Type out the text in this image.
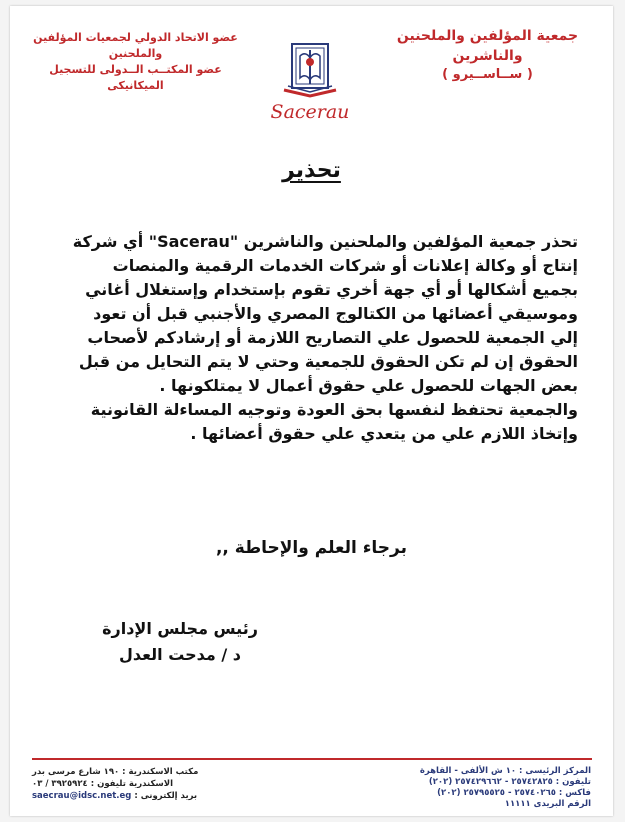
جمعية المؤلفين والملحنين والناشرين
( ســاســيرو )
عضو الاتحاد الدولي لجمعيات المؤلفين والملحنين
عضو المكتــب الــدولى للتسجيل الميكانيكى
Sacerau
تحذير

تحذر جمعية المؤلفين والملحنين والناشرين "Sacerau" أي شركة إنتاج أو وكالة إعلانات أو شركات الخدمات الرقمية والمنصات بجميع أشكالها أو أي جهة أخري تقوم بإستخدام وإستغلال أغاني وموسيقي أعضائها من الكتالوج المصري والأجنبي قبل أن تعود إلي الجمعية للحصول علي التصاريح اللازمة أو إرشادكم لأصحاب الحقوق إن لم تكن الحقوق للجمعية وحتي لا يتم التحايل من قبل بعض الجهات للحصول علي حقوق أعمال لا يمتلكونها .

والجمعية تحتفظ لنفسها بحق العودة وتوجيه المساءلة القانونية وإتخاذ اللازم علي من يتعدي علي حقوق أعضائها .

برجاء العلم والإحاطة ,,
رئيس مجلس الإدارة
د / مدحت العدل
المركز الرئيسى : ١٠ ش الألفى - القاهرة
تليفون : ٢٥٧٤٢٨٢٥ - ٢٥٧٤٢٩٦٦٢ (٢٠٢)
فاكس : ٢٥٧٤٠٢٦٥ - ٢٥٧٩٥٥٢٥ (٢٠٢)
الرقم البريدى ١١١١١
مكتب الاسكندرية : ١٩٠ شارع مرسى بدر
الاسكندرية تليفون : ٣٩٢٥٩٢٤ / ٠٣
بريد إلكترونى : saecrau@idsc.net.eg
